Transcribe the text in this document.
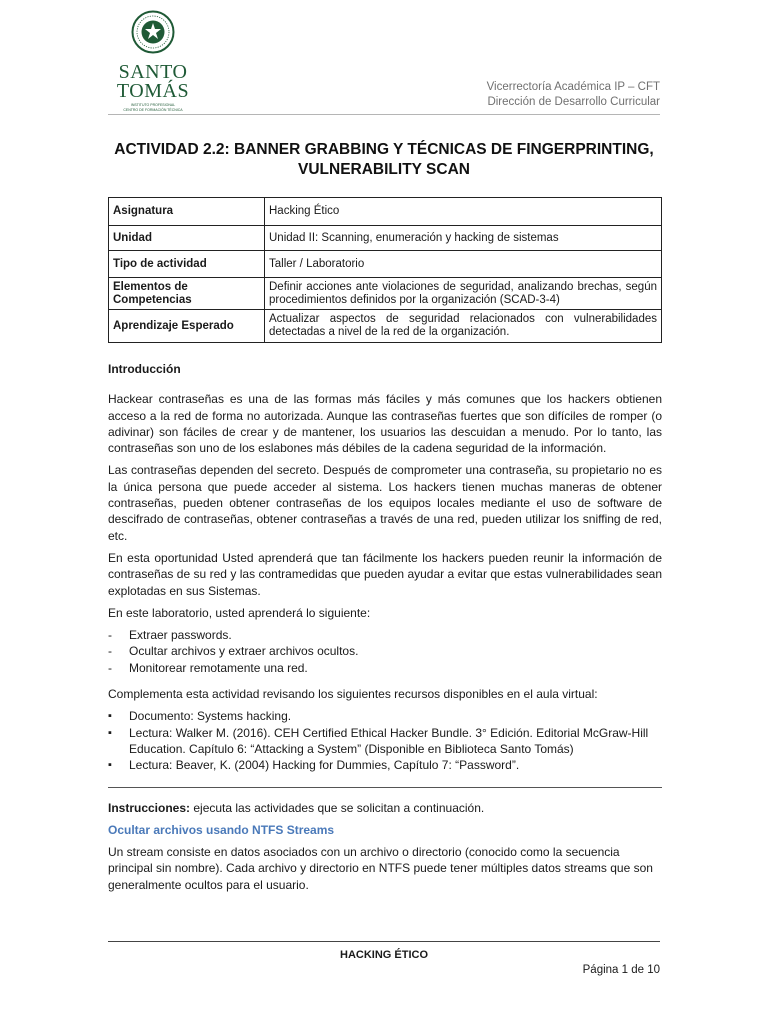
SANTO
TOMÁS
INSTITUTO PROFESIONAL
CENTRO DE FORMACIÓN TÉCNICA
Vicerrectoría Académica IP – CFT
Dirección de Desarrollo Curricular
ACTIVIDAD 2.2: BANNER GRABBING Y TÉCNICAS DE FINGERPRINTING,
VULNERABILITY SCAN
Asignatura	Hacking Ético
Unidad	Unidad II: Scanning, enumeración y hacking de sistemas
Tipo de actividad	Taller / Laboratorio
Elementos de Competencias	Definir acciones ante violaciones de seguridad, analizando brechas, según procedimientos definidos por la organización (SCAD-3-4)
Aprendizaje Esperado	Actualizar aspectos de seguridad relacionados con vulnerabilidades detectadas a nivel de la red de la organización.

Introducción

Hackear contraseñas es una de las formas más fáciles y más comunes que los hackers obtienen acceso a la red de forma no autorizada. Aunque las contraseñas fuertes que son difíciles de romper (o adivinar) son fáciles de crear y de mantener, los usuarios las descuidan a menudo. Por lo tanto, las contraseñas son uno de los eslabones más débiles de la cadena seguridad de la información.

Las contraseñas dependen del secreto. Después de comprometer una contraseña, su propietario no es la única persona que puede acceder al sistema. Los hackers tienen muchas maneras de obtener contraseñas, pueden obtener contraseñas de los equipos locales mediante el uso de software de descifrado de contraseñas, obtener contraseñas a través de una red, pueden utilizar los sniffing de red, etc.

En esta oportunidad Usted aprenderá que tan fácilmente los hackers pueden reunir la información de contraseñas de su red y las contramedidas que pueden ayudar a evitar que estas vulnerabilidades sean explotadas en sus Sistemas.

En este laboratorio, usted aprenderá lo siguiente:

- Extraer passwords.
- Ocultar archivos y extraer archivos ocultos.
- Monitorear remotamente una red.

Complementa esta actividad revisando los siguientes recursos disponibles en el aula virtual:

▪ Documento: Systems hacking.
▪ Lectura: Walker M. (2016). CEH Certified Ethical Hacker Bundle. 3° Edición. Editorial McGraw-Hill Education. Capítulo 6: “Attacking a System” (Disponible en Biblioteca Santo Tomás)
▪ Lectura: Beaver, K. (2004) Hacking for Dummies, Capítulo 7: “Password”.

Instrucciones: ejecuta las actividades que se solicitan a continuación.

Ocultar archivos usando NTFS Streams

Un stream consiste en datos asociados con un archivo o directorio (conocido como la secuencia principal sin nombre). Cada archivo y directorio en NTFS puede tener múltiples datos streams que son generalmente ocultos para el usuario.

HACKING ÉTICO
Página 1 de 10
